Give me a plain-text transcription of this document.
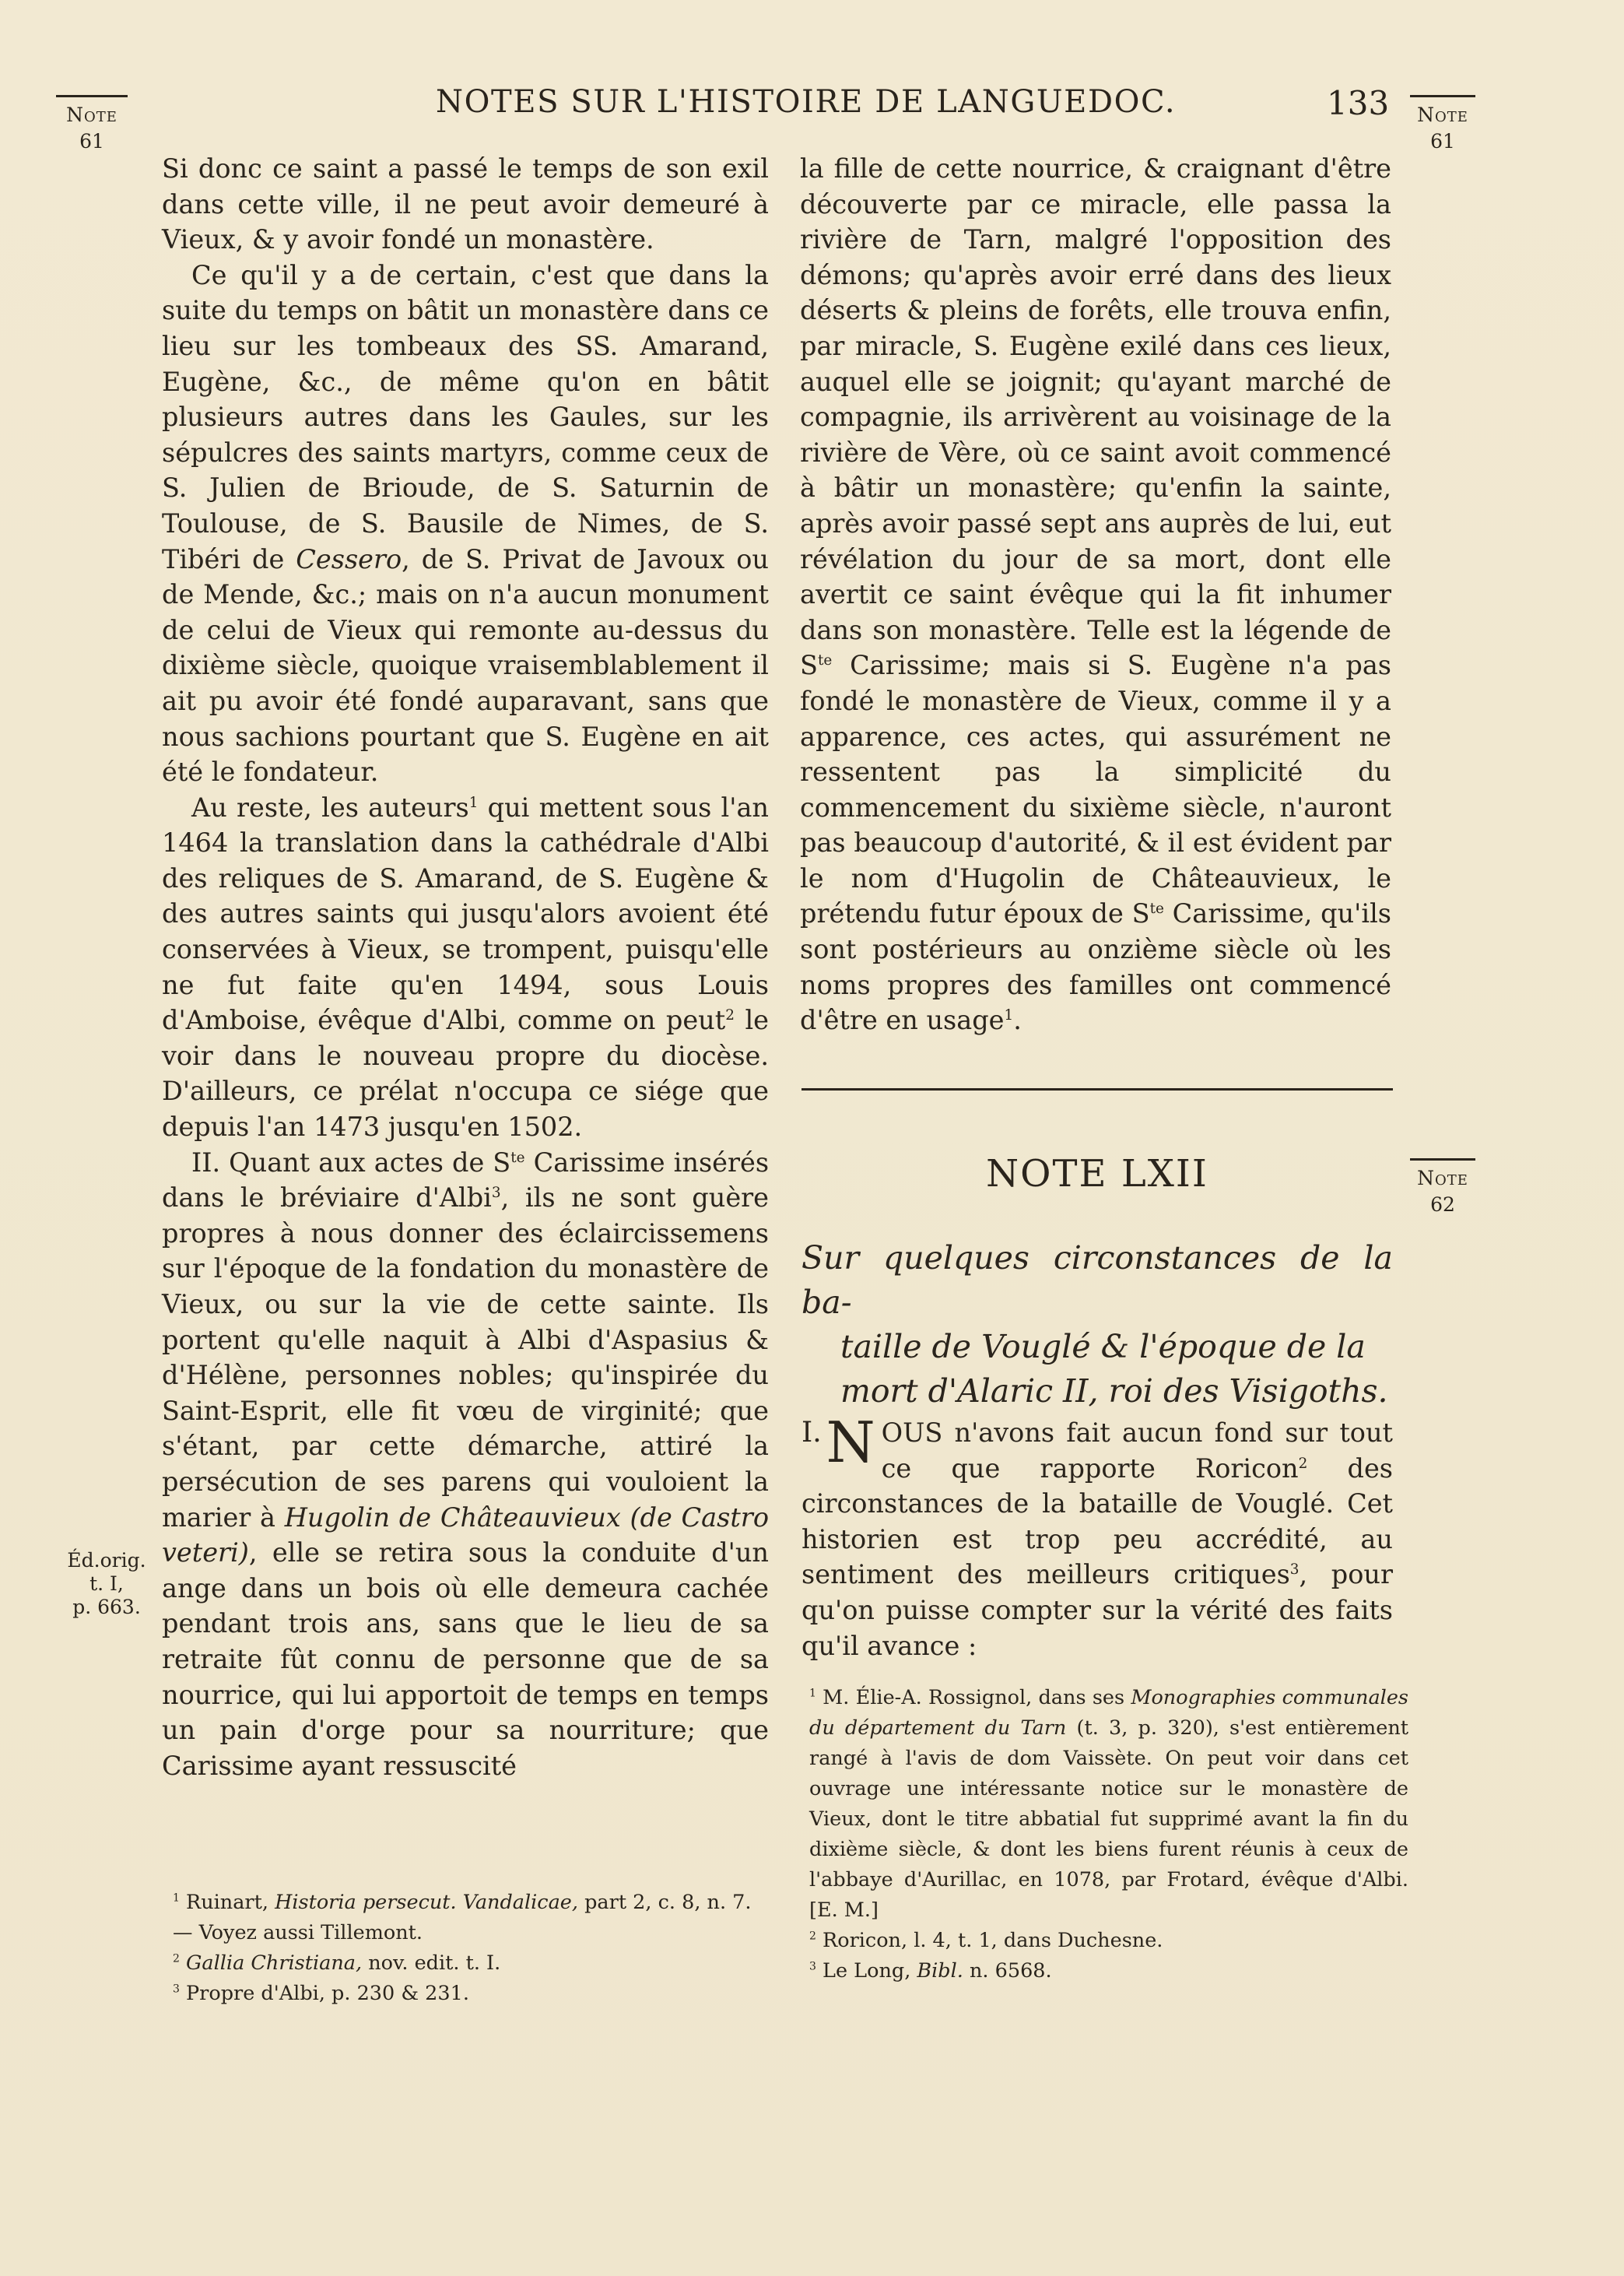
NOTES SUR L'HISTOIRE DE LANGUEDOC.	133
Note
61
Note
61
Note
62
Éd.orig.
t. I,
p. 663.

Si donc ce saint a passé le temps de son exil dans cette ville, il ne peut avoir demeuré à Vieux, & y avoir fondé un monastère.

Ce qu'il y a de certain, c'est que dans la suite du temps on bâtit un monastère dans ce lieu sur les tombeaux des SS. Amarand, Eugène, &c., de même qu'on en bâtit plusieurs autres dans les Gaules, sur les sépulcres des saints martyrs, comme ceux de S. Julien de Brioude, de S. Saturnin de Toulouse, de S. Bausile de Nimes, de S. Tibéri de Cessero, de S. Privat de Javoux ou de Mende, &c.; mais on n'a aucun monument de celui de Vieux qui remonte au-dessus du dixième siècle, quoique vraisemblablement il ait pu avoir été fondé auparavant, sans que nous sachions pourtant que S. Eugène en ait été le fondateur.

Au reste, les auteurs$^1$ qui mettent sous l'an 1464 la translation dans la cathédrale d'Albi des reliques de S. Amarand, de S. Eugène & des autres saints qui jusqu'alors avoient été conservées à Vieux, se trompent, puisqu'elle ne fut faite qu'en 1494, sous Louis d'Amboise, évêque d'Albi, comme on peut$^2$ le voir dans le nouveau propre du diocèse. D'ailleurs, ce prélat n'occupa ce siége que depuis l'an 1473 jusqu'en 1502.

II. Quant aux actes de $S^{te}$ Carissime insérés dans le bréviaire d'Albi$^3$, ils ne sont guère propres à nous donner des éclaircissemens sur l'époque de la fondation du monastère de Vieux, ou sur la vie de cette sainte. Ils portent qu'elle naquit à Albi d'Aspasius & d'Hélène, personnes nobles; qu'inspirée du Saint-Esprit, elle fit vœu de virginité; que s'étant, par cette démarche, attiré la persécution de ses parens qui vouloient la marier à Hugolin de Châteauvieux (de Castro veteri), elle se retira sous la conduite d'un ange dans un bois où elle demeura cachée pendant trois ans, sans que le lieu de sa retraite fût connu de personne que de sa nourrice, qui lui apportoit de temps en temps un pain d'orge pour sa nourriture; que Carissime ayant ressuscité

la fille de cette nourrice, & craignant d'être découverte par ce miracle, elle passa la rivière de Tarn, malgré l'opposition des démons; qu'après avoir erré dans des lieux déserts & pleins de forêts, elle trouva enfin, par miracle, S. Eugène exilé dans ces lieux, auquel elle se joignit; qu'ayant marché de compagnie, ils arrivèrent au voisinage de la rivière de Vère, où ce saint avoit commencé à bâtir un monastère; qu'enfin la sainte, après avoir passé sept ans auprès de lui, eut révélation du jour de sa mort, dont elle avertit ce saint évêque qui la fit inhumer dans son monastère. Telle est la légende de $S^{te}$ Carissime; mais si S. Eugène n'a pas fondé le monastère de Vieux, comme il y a apparence, ces actes, qui assurément ne ressentent pas la simplicité du commencement du sixième siècle, n'auront pas beaucoup d'autorité, & il est évident par le nom d'Hugolin de Châteauvieux, le prétendu futur époux de $S^{te}$ Carissime, qu'ils sont postérieurs au onzième siècle où les noms propres des familles ont commencé d'être en usage$^1$.

NOTE LXII
Sur quelques circonstances de la ba-
taille de Vouglé & l'époque de la
mort d'Alaric II, roi des Visigoths.
I. N OUS n'avons fait aucun fond sur tout ce que rapporte Roricon$^2$ des circonstances de la bataille de Vouglé. Cet historien est trop peu accrédité, au sentiment des meilleurs critiques$^3$, pour qu'on puisse compter sur la vérité des faits qu'il avance :

$^1$ Ruinart, Historia persecut. Vandalicae, part 2, c. 8, n. 7. — Voyez aussi Tillemont.

$^2$ Gallia Christiana, nov. edit. t. I.

$^3$ Propre d'Albi, p. 230 & 231.

$^1$ M. Élie-A. Rossignol, dans ses Monographies communales du département du Tarn (t. 3, p. 320), s'est entièrement rangé à l'avis de dom Vaissète. On peut voir dans cet ouvrage une intéressante notice sur le monastère de Vieux, dont le titre abbatial fut supprimé avant la fin du dixième siècle, & dont les biens furent réunis à ceux de l'abbaye d'Aurillac, en 1078, par Frotard, évêque d'Albi. [E. M.]

$^2$ Roricon, l. 4, t. 1, dans Duchesne.

$^3$ Le Long, Bibl. n. 6568.
